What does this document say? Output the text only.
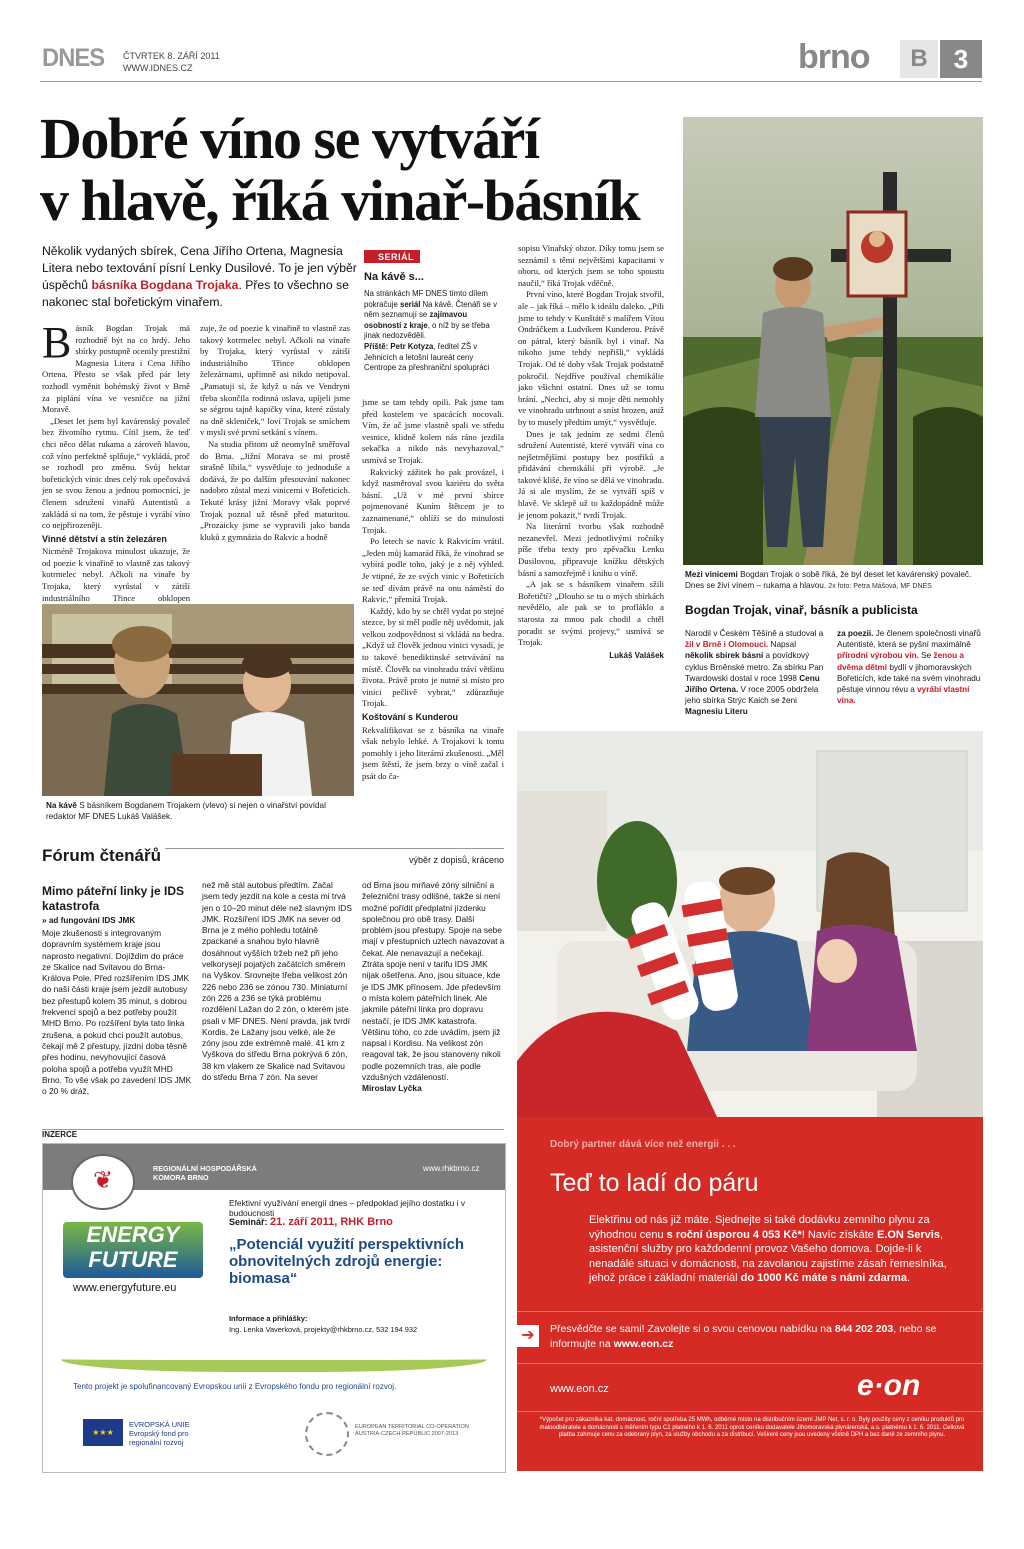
DNES ČTVRTEK 8. ZÁŘÍ 2011
WWW.IDNES.CZ	brno	B	3
Dobré víno se vytváří
v hlavě, říká vinař-básník
Několik vydaných sbírek, Cena Jiřího Ortena, Magnesia Litera nebo textování písní Lenky Dusilové. To je jen výběr úspěchů básníka Bogdana Trojaka. Přes to všechno se nakonec stal bořetickým vinařem.

Básník Bogdan Trojak má rozhodně být na co hrdý. Jeho sbírky postupně ocenily prestižní Magnesia Litera i Cena Jiřího Ortena. Přesto se však před pár lety rozhodl vyměnit bohémský život v Brně za piplání vína ve vesničce na jižní Moravě.

„Deset let jsem byl kavárenský povaleč bez životního rytmu. Cítil jsem, že teď chci něco dělat rukama a zároveň hlavou, což víno perfektně splňuje,“ vykládá, proč se rozhodl pro změnu. Svůj hektar bořetických vinic dnes celý rok opečovává jen se svou ženou a jednou pomocnicí, je členem sdružení vinařů Autentistů a zakládá si na tom, že pěstuje i vyrábí víno co nejpřirozeněji.

Vinné dětství a stín železáren

Nicméně Trojakova minulost ukazuje, že od poezie k vinařině to vlastně zas takový kotrmelec nebyl. Ačkoli na vinaře by Trojaka, který vyrůstal v zátiší industriálního Třince obklopen

zuje, že od poezie k vinařině to vlastně zas takový kotrmelec nebyl. Ačkoli na vinaře by Trojaka, který vyrůstal v zátiší industriálního Třince obklopen železárnami, upřímně asi nikdo netipoval. „Pamatuji si, že když u nás ve Vendryni třeba skončila rodinná oslava, upíjeli jsme se ségrou tajně kapičky vína, které zůstaly na dně skleniček,“ loví Trojak se smíchem v mysli své první setkání s vínem.

Na studia přitom už neomylně směřoval do Brna. „Jižní Morava se mi prostě strašně líbila,“ vysvětluje to jednoduše a dodává, že po dalším přesouvání nakonec nadobro zůstal mezi vinicemi v Bořeticích. Tekuté krásy jižní Moravy však poprvé Trojak poznal už těsně před maturitou. „Prozaicky jsme se vypravili jako banda kluků z gymnázia do Rakvic a hodně

SERIÁL
Na kávě s...
Na stránkách MF DNES tímto dílem pokračuje seriál Na kávě. Čtenáři se v něm seznamují se zajímavou osobností z kraje, o níž by se třeba jinak nedozvěděli.
Příště: Petr Kotyza, ředitel ZŠ v Jehnicích a letošní laureát ceny Centrope za přeshraniční spolupráci

jsme se tam tehdy opili. Pak jsme tam před kostelem ve spacácích nocovali. Vím, že ač jsme vlastně spali ve středu vesnice, klidně kolem nás ráno jezdila sekačka a nikdo nás nevyhazoval,“ usmívá se Trojak.

Rakvický zážitek ho pak provázel, i když nasměroval svou kariéru do světa básní. „Už v mé první sbírce pojmenované Kuním štětcem je to zaznamenané,“ ohlíží se do minulosti Trojak.

Po letech se navíc k Rakvicím vrátil. „Jeden můj kamarád říká, že vinohrad se vybírá podle toho, jaký je z něj výhled. Je vtipné, že ze svých vinic v Bořeticích se teď dívám právě na onu náměstí do Rakvic,“ přemítá Trojak.

Každý, kdo by se chtěl vydat po stejné stezce, by si měl podle něj uvědomit, jak velkou zodpovědnost si vkládá na bedra. „Když už člověk jednou vinici vysadí, je to takové benediktinské setrvávání na místě. Člověk na vinohradu tráví většinu života. Právě proto je nutné si místo pro vinici pečlivě vybrat,“ zdůrazňuje Trojak.

Koštování s Kunderou

Rekvalifikovat se z básníka na vinaře však nebylo lehké. A Trojakovi k tomu pomohly i jeho literární zkušenosti. „Měl jsem štěstí, že jsem brzy o víně začal i psát do ča-

sopisu Vinařský obzor. Díky tomu jsem se seznámil s těmi největšími kapacitami v oboru, od kterých jsem se toho spoustu naučil,“ říká Trojak vděčně.

První víno, které Bogdan Trojak stvořil, ale – jak říká – mělo k ideálu daleko. „Pili jsme to tehdy v Kunštátě s malířem Vítou Ondráčkem a Ludvíkem Kunderou. Právě on pátral, který básník byl i vinař. Na nikoho jsme tehdy nepřišli,“ vykládá Trojak. Od té doby však Trojak podstatně pokročil. Nejdříve používal chemikálie jako všichni ostatní. Dnes už se tomu brání. „Nechci, aby si moje děti nemohly ve vinohradu utrhnout a sníst hrozen, aniž by to musely předtím umýt,“ vysvětluje.

Dnes je tak jedním ze sedmi členů sdružení Autentisté, které vytváří vína co nejšetrnějšími postupy bez postřiků a přidávání chemikálií při výrobě. „Je takové klišé, že víno se dělá ve vinohradu. Já si ale myslím, že se vytváří spíš v hlavě. Ve sklepě už to každopádně může je jenom pokazit,“ tvrdí Trojak.

Na literární tvorbu však rozhodně nezanevřel. Mezi jednotlivými ročníky píše třeba texty pro zpěvačku Lenku Dusilovou, připravuje knížku dětských básní a samozřejmě i knihu o víně.

„A jak se s básníkem vinařem sžili Bořetičtí? „Dlouho se tu o mých sbírkách nevědělo, ale pak se to profláklo a starosta za mnou pak chodil a chtěl poradit se svými projevy,“ usmívá se Trojak.

Lukáš Valášek

Na kávě S básníkem Bogdanem Trojakem (vlevo) si nejen o vinařství povídal redaktor MF DNES Lukáš Valášek.
Mezi vinicemi Bogdan Trojak o sobě říká, že byl deset let kavárenský povaleč. Dnes se živí vínem – rukama a hlavou. 2x foto: Petra Mášová, MF DNES
Bogdan Trojak, vinař, básník a publicista
Narodil v Českém Těšíně a studoval a žil v Brně i Olomouci. Napsal několik sbírek básní a povídkový cyklus Brněnské metro. Za sbírku Pan Twardowski dostal v roce 1998 Cenu Jiřího Ortena. V roce 2005 obdržela jeho sbírka Strýc Kaich se ženi Magnesiu Literu
za poezii. Je členem společnosti vinařů Autentisté, která se pyšní maximálně přírodní výrobou vín. Se ženou a dvěma dětmi bydlí v jihomoravských Bořeticích, kde také na svém vinohradu pěstuje vinnou révu a vyrábí vlastní vína.
Dobrý partner dává více než energii . . .
Teď to ladí do páru
Elektřinu od nás již máte. Sjednejte si také dodávku zemního plynu za výhodnou cenu s roční úsporou 4 053 Kč*! Navíc získáte E.ON Servis, asistenční služby pro každodenní provoz Vašeho domova. Dojde-li k nenadálé situaci v domácnosti, na zavolanou zajistíme zásah řemeslníka, jehož práce i základní materiál do 1000 Kč máte s námi zdarma.
➔	Přesvědčte se sami! Zavolejte si o svou cenovou nabídku na 844 202 203, nebo se informujte na www.eon.cz
www.eon.cz	e·on
*Výpočet pro zákazníka kat. domácnost, roční spotřeba 25 MWh, odběrné místo na distribučním území JMP Net, s. r. o. Byly použity ceny z ceníku produktů pro maloodběratele a domácnosti s měřením typu C1 platného k 1. 6. 2011 oproti ceníku dodavatele Jihomoravská plynárenská, a.s. platnému k 1. 6. 2011. Celková platba zahrnuje cenu za odebraný plyn, za služby obchodu a za distribuci. Veškeré ceny jsou uvedeny včetně DPH a bez daně ze zemního plynu.
Fórum čtenářů	výběr z dopisů, kráceno
Mimo páteřní linky je IDS katastrofa
» ad fungování IDS JMK
Moje zkušenosti s integrovaným dopravním systémem kraje jsou naprosto negativní. Dojíždím do práce ze Skalice nad Svitavou do Brna-Králova Pole. Před rozšířením IDS JMK do naší části kraje jsem jezdil autobusy bez přestupů kolem 35 minut, s dobrou frekvencí spojů a bez potřeby použít MHD Brno. Po rozšíření byla tato linka zrušena, a pokud chci použít autobus, čekají mě 2 přestupy, jízdní doba těsně přes hodinu, nevyhovující časová poloha spojů a potřeba využít MHD Brno. To vše však po zavedení IDS JMK o 20 % dráž,
než mě stál autobus předtím. Začal jsem tedy jezdit na kole a cesta mi trvá jen o 10–20 minut déle než slavným IDS JMK. Rozšíření IDS JMK na sever od Brna je z mého pohledu totálně zpackané a snahou bylo hlavně dosáhnout vyšších tržeb než při jeho velkorysejí pojatých začátcích směrem na Vyškov. Srovnejte třeba velikost zón 226 nebo 236 se zónou 730. Miniaturní zón 226 a 236 se týká problému rozdělení Lažan do 2 zón, o kterém jste psali v MF DNES. Není pravda, jak tvrdí Kordis, že Lažany jsou velké, ale že zóny jsou zde extrémně malé. 41 km z Vyškova do středu Brna pokrývá 6 zón, 38 km vlakem ze Skalice nad Svitavou do středu Brna 7 zón. Na sever
od Brna jsou mrňavé zóny silniční a železniční trasy odlišné, takže si není možné pořídit předplatní jízdenku společnou pro obě trasy. Další problém jsou přestupy. Spoje na sebe mají v přestupních uzlech navazovat a čekat. Ale nenavazují a nečekají. Ztráta spoje není v tarifu IDS JMK nijak ošetřena. Ano, jsou situace, kde je IDS JMK přínosem. Jde především o místa kolem páteřních linek. Ale jakmile páteřní linka pro dopravu nestačí, je IDS JMK katastrofa. Většinu toho, co zde uvádím, jsem již napsal i Kordisu. Na velikost zón reagoval tak, že jsou stanoveny nikoli podle pozemních tras, ale podle vzdušných vzdáleností.
Miroslav Lyčka
INZERCE
❦	REGIONÁLNÍ HOSPODÁŘSKÁ KOMORA BRNO
www.rhkbrno.cz
ENERGY
FUTURE
www.energyfuture.eu
Efektivní využívání energií dnes – předpoklad jejího dostatku i v budoucnosti
Seminář: 21. září 2011, RHK Brno
„Potenciál využití perspektivních obnovitelných zdrojů energie: biomasa“
Informace a přihlášky:
Ing. Lenka Vaverková, projekty@rhkbrno.cz, 532 194 932
Tento projekt je spolufinancovaný Evropskou unií z Evropského fondu pro regionální rozvoj.
★★★
EVROPSKÁ UNIE
Evropský fond pro
regionální rozvoj
EUROPEAN TERRITORIAL CO-OPERATION AUSTRIA-CZECH REPUBLIC 2007-2013
